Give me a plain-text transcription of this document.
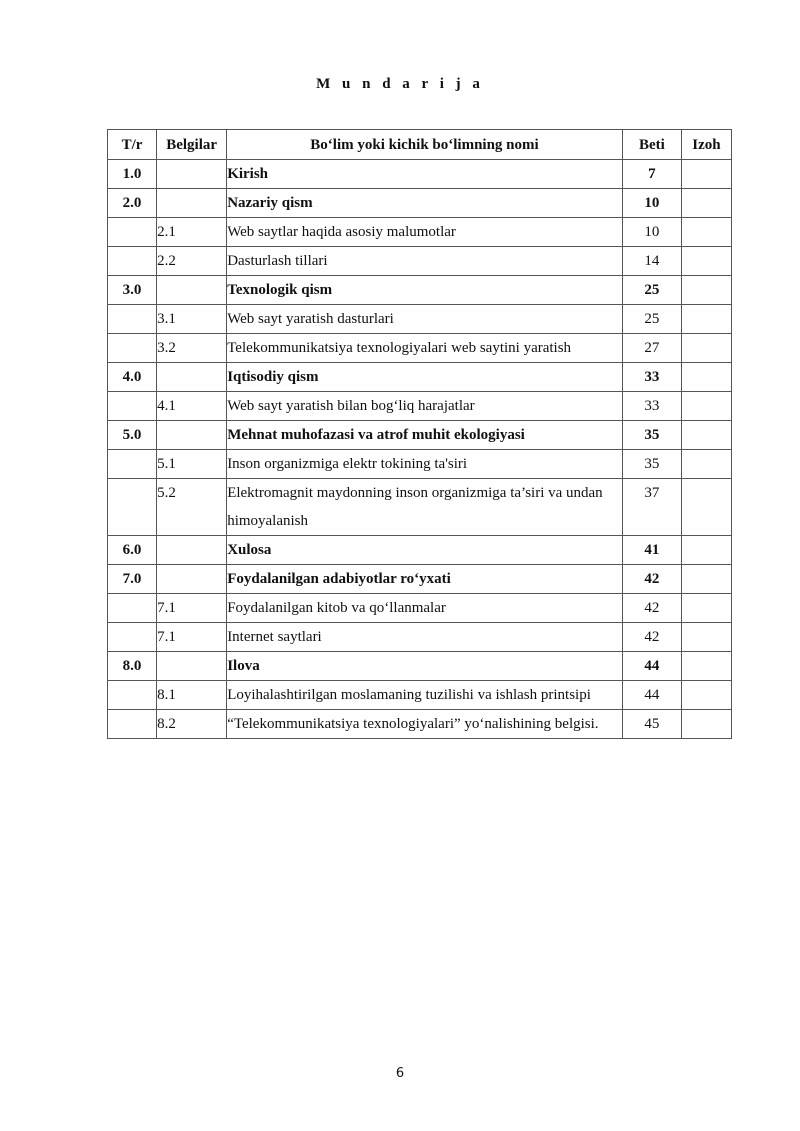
M u n d a r i j a
T/r	Belgilar	Bo‘lim yoki kichik bo‘limning nomi	Beti	Izoh
1.0		Kirish	7	
2.0		Nazariy qism	10	
	2.1	Web saytlar haqida asosiy malumotlar	10	
	2.2	Dasturlash tillari	14	
3.0		Texnologik qism	25	
	3.1	Web sayt yaratish dasturlari	25	
	3.2	Telekommunikatsiya texnologiyalari web saytini yaratish	27	
4.0		Iqtisodiy qism	33	
	4.1	Web sayt yaratish bilan bog‘liq harajatlar	33	
5.0		Mehnat muhofazasi va atrof muhit ekologiyasi	35	
	5.1	Inson organizmiga elektr tokining ta'siri	35	
	5.2	Elektromagnit maydonning inson organizmiga ta’siri va undan himoyalanish	37	
6.0		Xulosa	41	
7.0		Foydalanilgan adabiyotlar ro‘yxati	42	
	7.1	Foydalanilgan kitob va qo‘llanmalar	42	
	7.1	Internet saytlari	42	
8.0		Ilova	44	
	8.1	Loyihalashtirilgan moslamaning tuzilishi va ishlash printsipi	44	
	8.2	“Telekommunikatsiya texnologiyalari” yo‘nalishining belgisi.	45	
6
